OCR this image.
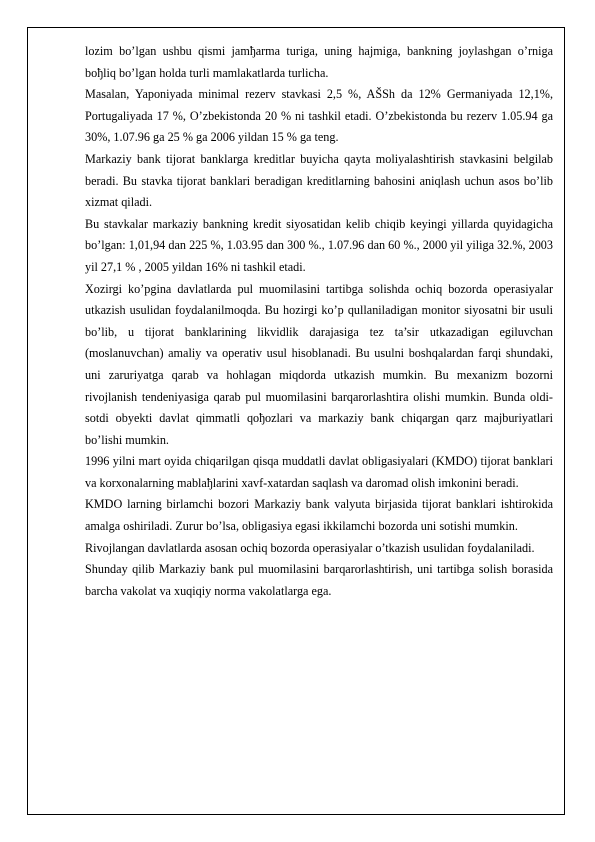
lozim bo’lgan ushbu qismi jamђarma turiga, uning hajmiga, bankning joylashgan o’rniga boђliq bo’lgan holda turli mamlakatlarda turlicha.

Masalan, Yaponiyada minimal rezerv stavkasi 2,5 %, AŠSh da 12% Germaniyada 12,1%, Portugaliyada 17 %, O’zbekistonda 20 % ni tashkil etadi. O’zbekistonda bu rezerv 1.05.94 ga 30%, 1.07.96 ga 25 % ga 2006 yildan 15 % ga teng.

Markaziy bank tijorat banklarga kreditlar buyicha qayta moliyalashtirish stavkasini belgilab beradi. Bu stavka tijorat banklari beradigan kreditlarning bahosini aniqlash uchun asos bo’lib xizmat qiladi.

Bu stavkalar markaziy bankning kredit siyosatidan kelib chiqib keyingi yillarda quyidagicha bo’lgan: 1,01,94 dan 225 %, 1.03.95 dan 300 %., 1.07.96 dan 60 %., 2000 yil yiliga 32.%, 2003 yil 27,1 % , 2005 yildan 16% ni tashkil etadi.

Xozirgi ko’pgina davlatlarda pul muomilasini tartibga solishda ochiq bozorda operasiyalar utkazish usulidan foydalanilmoqda. Bu hozirgi ko’p qullaniladigan monitor siyosatni bir usuli bo’lib, u tijorat banklarining likvidlik darajasiga tez ta’sir utkazadigan egiluvchan (moslanuvchan) amaliy va operativ usul hisoblanadi. Bu usulni boshqalardan farqi shundaki, uni zaruriyatga qarab va hohlagan miqdorda utkazish mumkin. Bu mexanizm bozorni rivojlanish tendeniyasiga qarab pul muomilasini barqarorlashtira olishi mumkin. Bunda oldi-sotdi obyekti davlat qimmatli qoђozlari va markaziy bank chiqargan qarz majburiyatlari bo’lishi mumkin.

1996 yilni mart oyida chiqarilgan qisqa muddatli davlat obligasiyalari (KMDO) tijorat banklari va korxonalarning mablaђlarini xavf-xatardan saqlash va daromad olish imkonini beradi.

KMDO larning birlamchi bozori Markaziy bank valyuta birjasida tijorat banklari ishtirokida amalga oshiriladi. Zurur bo’lsa, obligasiya egasi ikkilamchi bozorda uni sotishi mumkin.

Rivojlangan davlatlarda asosan ochiq bozorda operasiyalar o’tkazish usulidan foydalaniladi.

Shunday qilib Markaziy bank pul muomilasini barqarorlashtirish, uni tartibga solish borasida barcha vakolat va xuqiqiy norma vakolatlarga ega.
